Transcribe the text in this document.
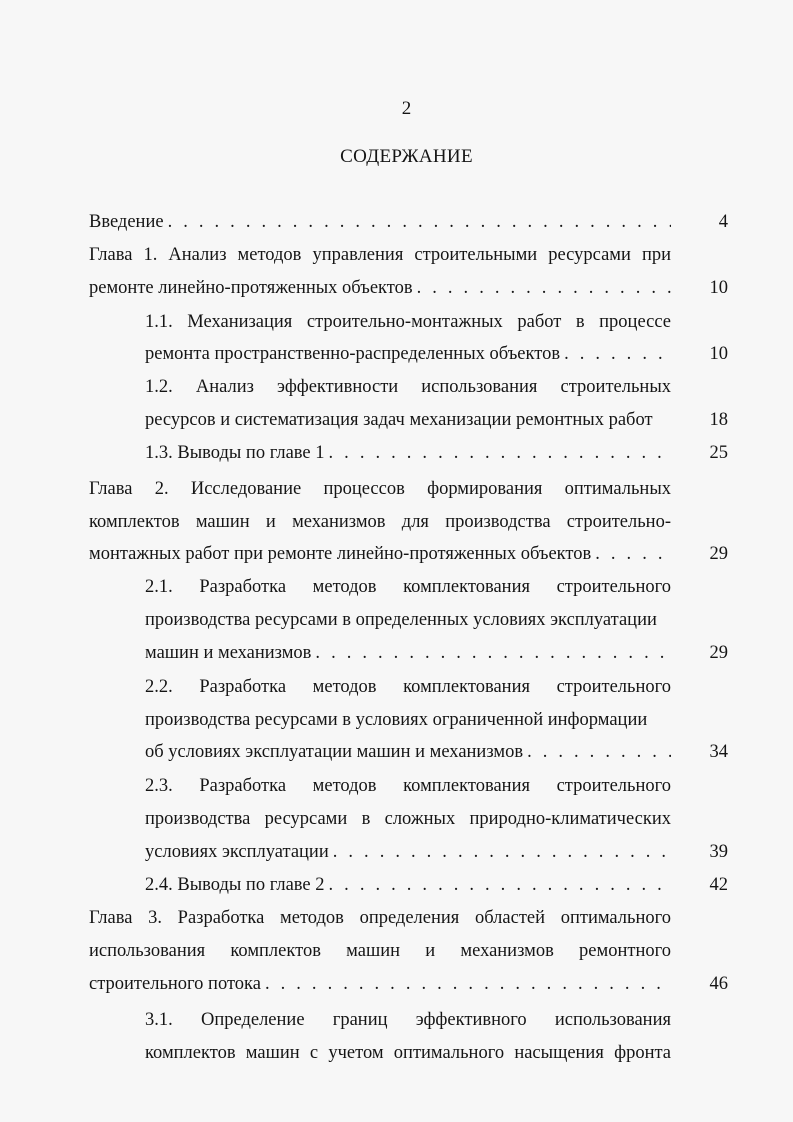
2
СОДЕРЖАНИЕ
Введение . . .	4
Глава 1. Анализ методов управления строительными ресурсами при
ремонте линейно-протяженных объектов . . .	10
1.1. Механизация строительно-монтажных работ в процессе
ремонта пространственно-распределенных объектов . . .	10
1.2. Анализ эффективности использования строительных
ресурсов и систематизация задач механизации ремонтных работ	18
1.3. Выводы по главе 1 . . .	25
Глава 2. Исследование процессов формирования оптимальных
комплектов машин и механизмов для производства строительно-
монтажных работ при ремонте линейно-протяженных объектов . . .	29
2.1. Разработка методов комплектования строительного
производства ресурсами в определенных условиях эксплуатации
машин и механизмов . . .	29
2.2. Разработка методов комплектования строительного
производства ресурсами в условиях ограниченной информации
об условиях эксплуатации машин и механизмов . . .	34
2.3. Разработка методов комплектования строительного
производства ресурсами в сложных природно-климатических
условиях эксплуатации . . .	39
2.4. Выводы по главе 2 . . .	42
Глава 3. Разработка методов определения областей оптимального
использования комплектов машин и механизмов ремонтного
строительного потока . . .	46
3.1. Определение границ эффективного использования
комплектов машин с учетом оптимального насыщения фронта
